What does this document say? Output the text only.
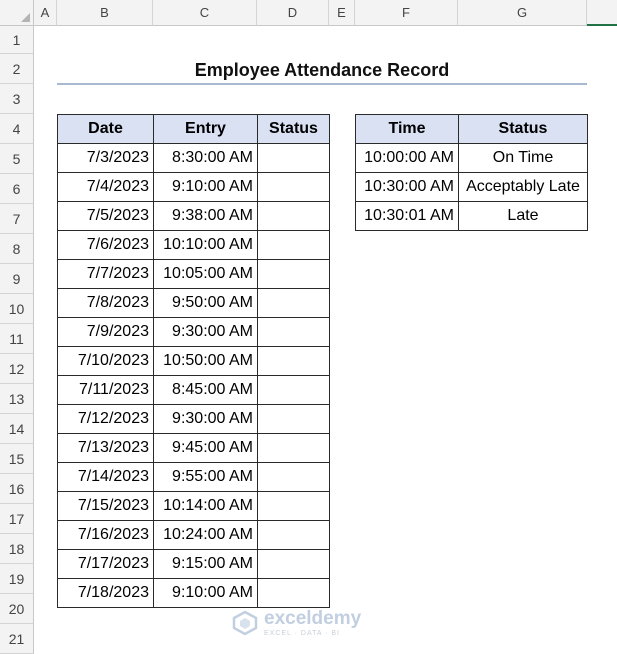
A	B	C	D	E	F	G
1
2
3
4
5
6
7
8
9
10
11
12
13
14
15
16
17
18
19
20
21
Employee Attendance Record
Date	Entry	Status
7/3/2023	8:30:00 AM	
7/4/2023	9:10:00 AM	
7/5/2023	9:38:00 AM	
7/6/2023	10:10:00 AM	
7/7/2023	10:05:00 AM	
7/8/2023	9:50:00 AM	
7/9/2023	9:30:00 AM	
7/10/2023	10:50:00 AM	
7/11/2023	8:45:00 AM	
7/12/2023	9:30:00 AM	
7/13/2023	9:45:00 AM	
7/14/2023	9:55:00 AM	
7/15/2023	10:14:00 AM	
7/16/2023	10:24:00 AM	
7/17/2023	9:15:00 AM	
7/18/2023	9:10:00 AM	
Time	Status
10:00:00 AM	On Time
10:30:00 AM	Acceptably Late
10:30:01 AM	Late
exceldemy
EXCEL · DATA · BI
